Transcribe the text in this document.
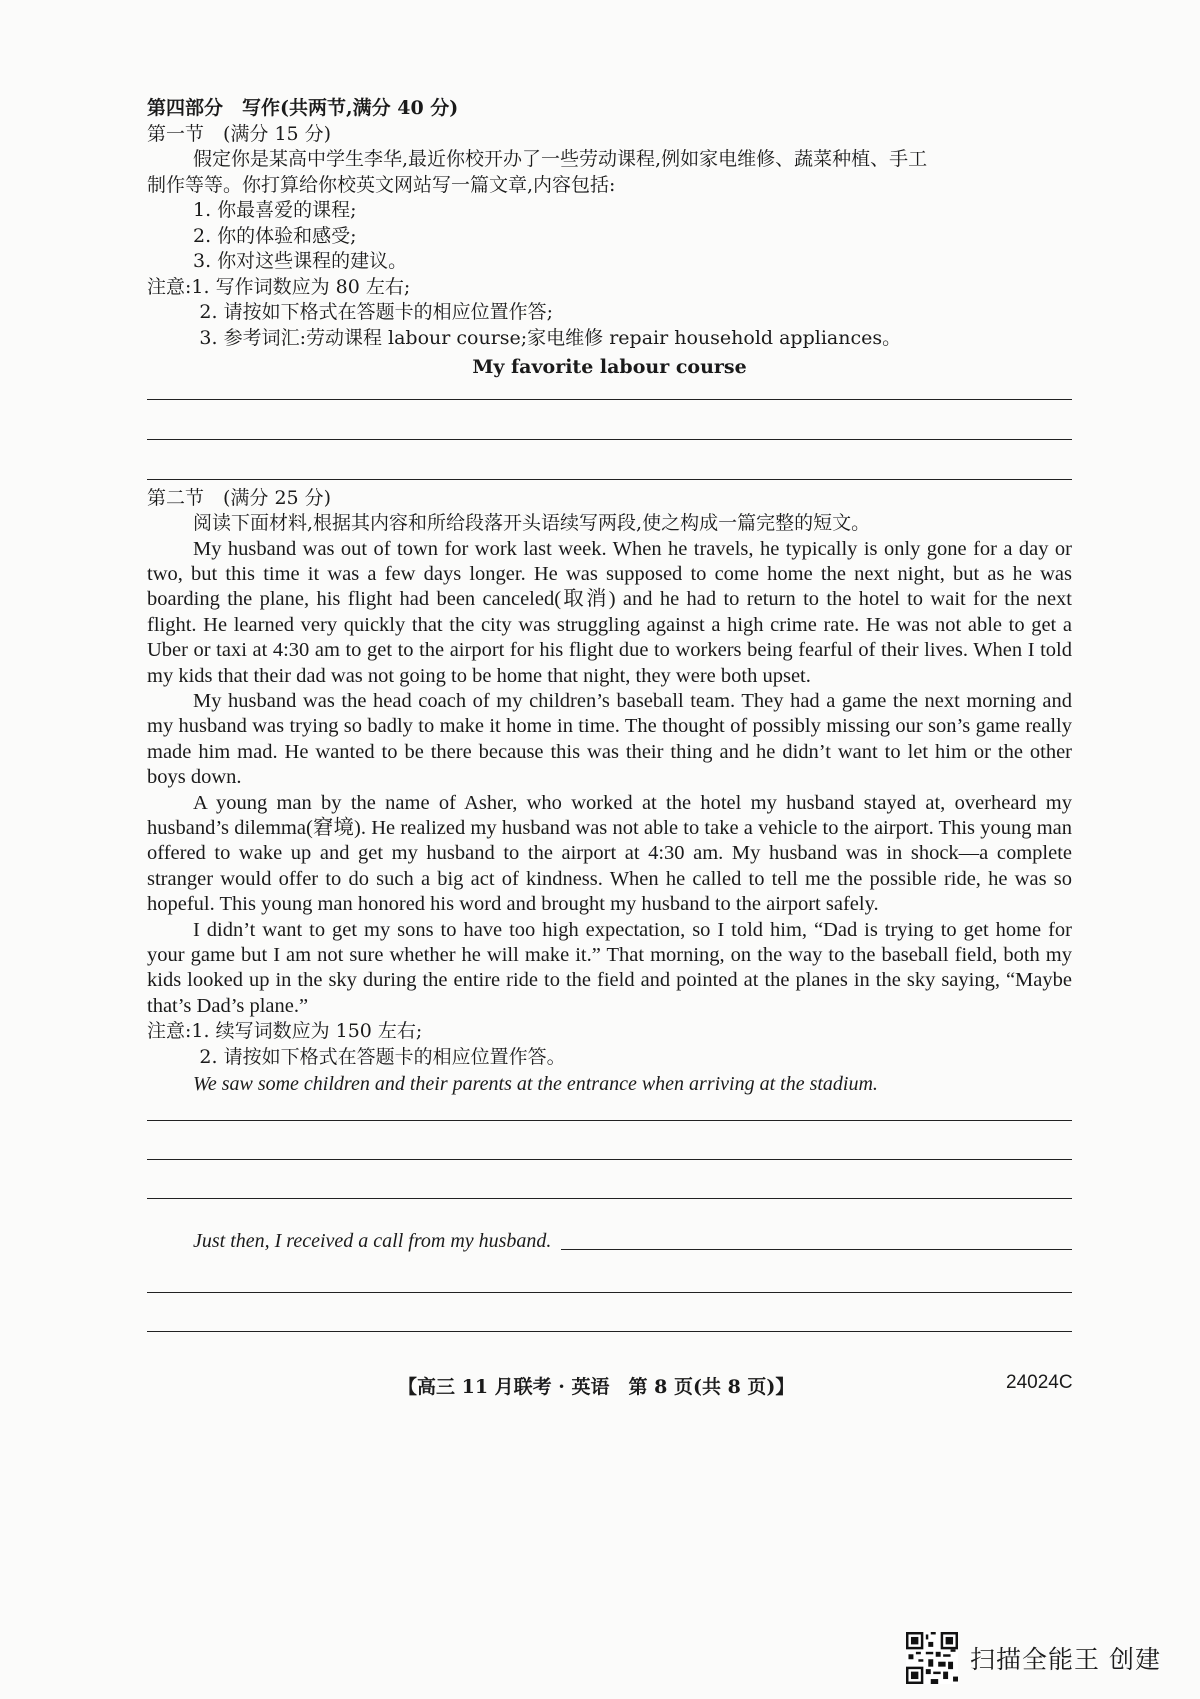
第四部分　写作(共两节,满分 40 分)
第一节　(满分 15 分)
假定你是某高中学生李华,最近你校开办了一些劳动课程,例如家电维修、蔬菜种植、手工
制作等等。你打算给你校英文网站写一篇文章,内容包括:
1. 你最喜爱的课程;
2. 你的体验和感受;
3. 你对这些课程的建议。
注意: 1. 写作词数应为 80 左右;
2. 请按如下格式在答题卡的相应位置作答;
3. 参考词汇:劳动课程 labour course;家电维修 repair household appliances。
My favorite labour course
第二节　(满分 25 分)
阅读下面材料,根据其内容和所给段落开头语续写两段,使之构成一篇完整的短文。

My husband was out of town for work last week. When he travels, he typically is only gone for a day or two, but this time it was a few days longer. He was supposed to come home the next night, but as he was boarding the plane, his flight had been canceled(取消) and he had to return to the hotel to wait for the next flight. He learned very quickly that the city was struggling against a high crime rate. He was not able to get a Uber or taxi at 4:30 am to get to the airport for his flight due to workers being fearful of their lives. When I told my kids that their dad was not going to be home that night, they were both upset.

My husband was the head coach of my children’s baseball team. They had a game the next morning and my husband was trying so badly to make it home in time. The thought of possibly missing our son’s game really made him mad. He wanted to be there because this was their thing and he didn’t want to let him or the other boys down.

A young man by the name of Asher, who worked at the hotel my husband stayed at, overheard my husband’s dilemma(窘境). He realized my husband was not able to take a vehicle to the airport. This young man offered to wake up and get my husband to the airport at 4:30 am. My husband was in shock—a complete stranger would offer to do such a big act of kindness. When he called to tell me the possible ride, he was so hopeful. This young man honored his word and brought my husband to the airport safely.

I didn’t want to get my sons to have too high expectation, so I told him, “Dad is trying to get home for your game but I am not sure whether he will make it.” That morning, on the way to the baseball field, both my kids looked up in the sky during the entire ride to the field and pointed at the planes in the sky saying, “Maybe that’s Dad’s plane.”

注意: 1. 续写词数应为 150 左右;
2. 请按如下格式在答题卡的相应位置作答。
We saw some children and their parents at the entrance when arriving at the stadium.
Just then, I received a call from my husband.
【高三 11 月联考 · 英语　第 8 页(共 8 页)】	24024C
扫描全能王 创建
